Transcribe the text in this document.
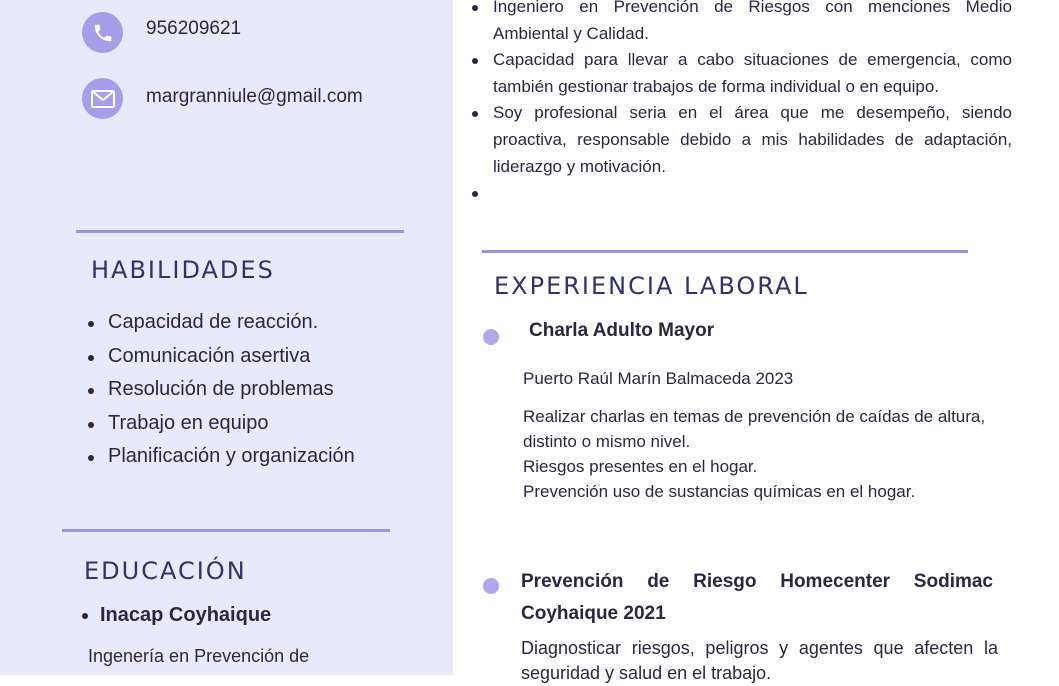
956209621
margranniule@gmail.com
HABILIDADES
Capacidad de reacción.
Comunicación asertiva
Resolución de problemas
Trabajo en equipo
Planificación y organización
EDUCACIÓN
Inacap Coyhaique
Ingenería en Prevención de
Ingeniero en Prevención de Riesgos con menciones Medio Ambiental y Calidad.
Capacidad para llevar a cabo situaciones de emergencia, como también gestionar trabajos de forma individual o en equipo.
Soy profesional seria en el área que me desempeño, siendo proactiva, responsable debido a mis habilidades de adaptación, liderazgo y motivación.
EXPERIENCIA LABORAL
Charla Adulto Mayor
Puerto Raúl Marín Balmaceda 2023
Realizar charlas en temas de prevención de caídas de altura,
distinto o mismo nivel.
Riesgos presentes en el hogar.
Prevención uso de sustancias químicas en el hogar.
Prevención de Riesgo Homecenter Sodimac Coyhaique 2021
Diagnosticar riesgos, peligros y agentes que afecten la seguridad y salud en el trabajo.
